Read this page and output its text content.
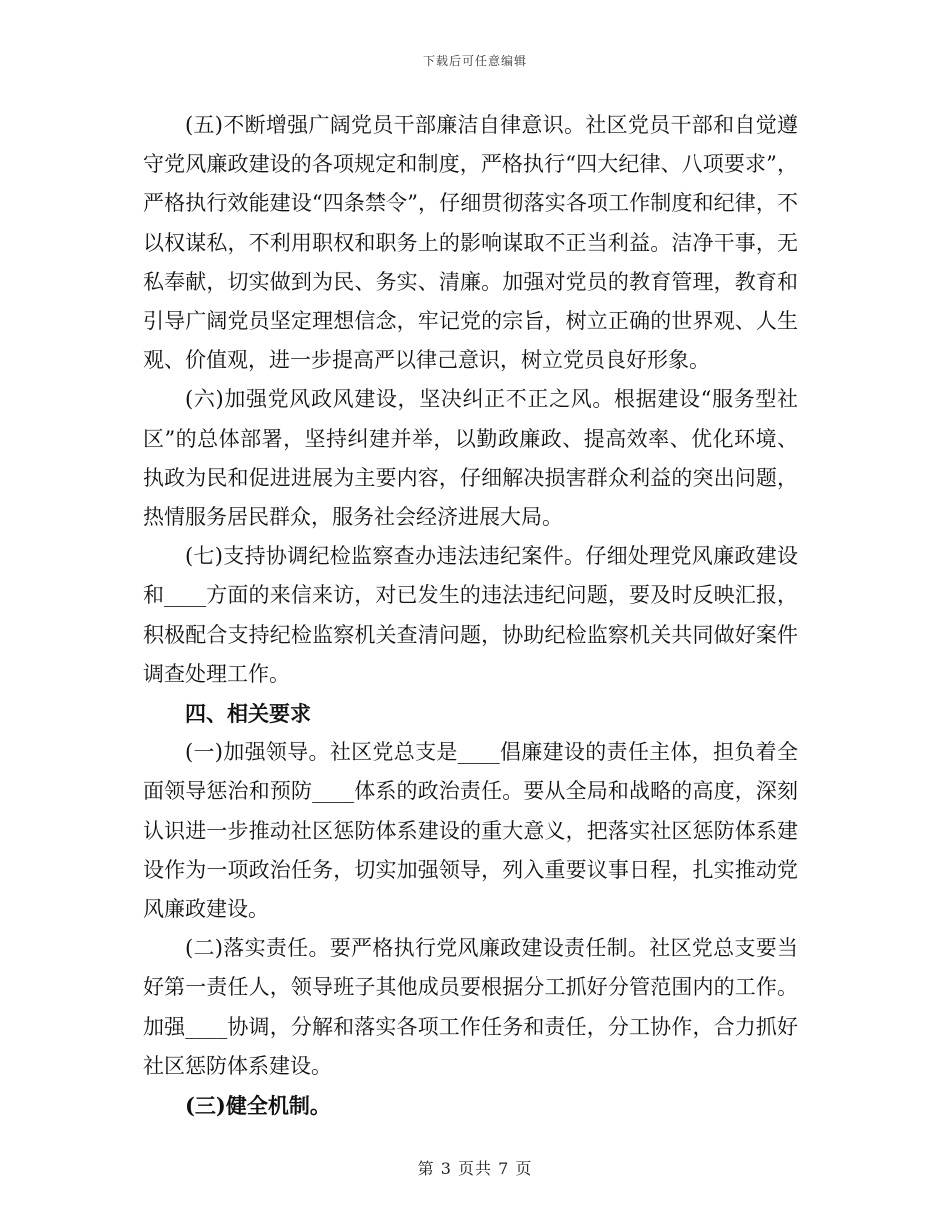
下载后可任意编辑

(五)不断增强广阔党员干部廉洁自律意识。社区党员干部和自觉遵守党风廉政建设的各项规定和制度，严格执行“四大纪律、八项要求”，严格执行效能建设“四条禁令”，仔细贯彻落实各项工作制度和纪律，不以权谋私，不利用职权和职务上的影响谋取不正当利益。洁净干事，无私奉献，切实做到为民、务实、清廉。加强对党员的教育管理，教育和引导广阔党员坚定理想信念，牢记党的宗旨，树立正确的世界观、人生观、价值观，进一步提高严以律己意识，树立党员良好形象。

(六)加强党风政风建设，坚决纠正不正之风。根据建设“服务型社区”的总体部署，坚持纠建并举，以勤政廉政、提高效率、优化环境、执政为民和促进进展为主要内容，仔细解决损害群众利益的突出问题，热情服务居民群众，服务社会经济进展大局。

(七)支持协调纪检监察查办违法违纪案件。仔细处理党风廉政建设和____方面的来信来访，对已发生的违法违纪问题，要及时反映汇报，积极配合支持纪检监察机关查清问题，协助纪检监察机关共同做好案件调查处理工作。

四、相关要求

(一)加强领导。社区党总支是____倡廉建设的责任主体，担负着全面领导惩治和预防____体系的政治责任。要从全局和战略的高度，深刻认识进一步推动社区惩防体系建设的重大意义，把落实社区惩防体系建设作为一项政治任务，切实加强领导，列入重要议事日程，扎实推动党风廉政建设。

(二)落实责任。要严格执行党风廉政建设责任制。社区党总支要当好第一责任人，领导班子其他成员要根据分工抓好分管范围内的工作。加强____协调，分解和落实各项工作任务和责任，分工协作，合力抓好社区惩防体系建设。

(三)健全机制。

第 3 页共 7 页
